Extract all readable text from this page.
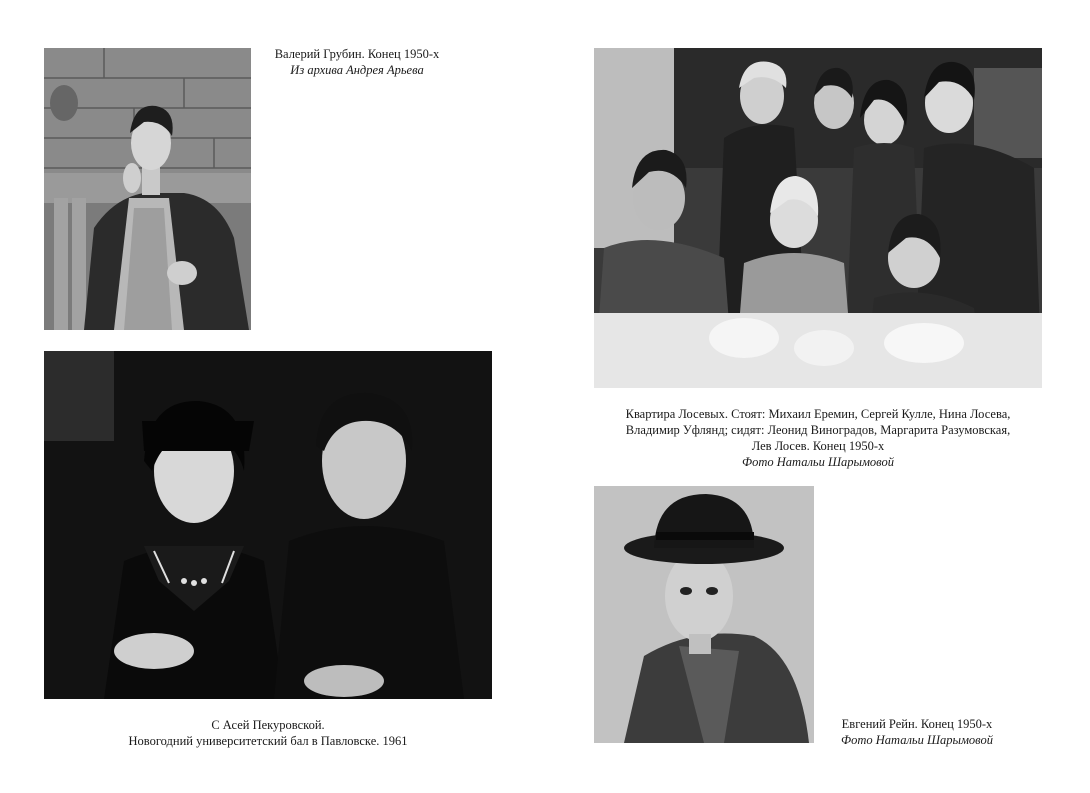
Валерий Грубин. Конец 1950-х
Из архива Андрея Арьева
Квартира Лосевых. Стоят: Михаил Еремин, Сергей Кулле, Нина Лосева,
Владимир Уфлянд; сидят: Леонид Виноградов, Маргарита Разумовская,
Лев Лосев. Конец 1950-х
Фото Натальи Шарымовой
С Асей Пекуровской.
Новогодний университетский бал в Павловске. 1961
Евгений Рейн. Конец 1950-х
Фото Натальи Шарымовой
